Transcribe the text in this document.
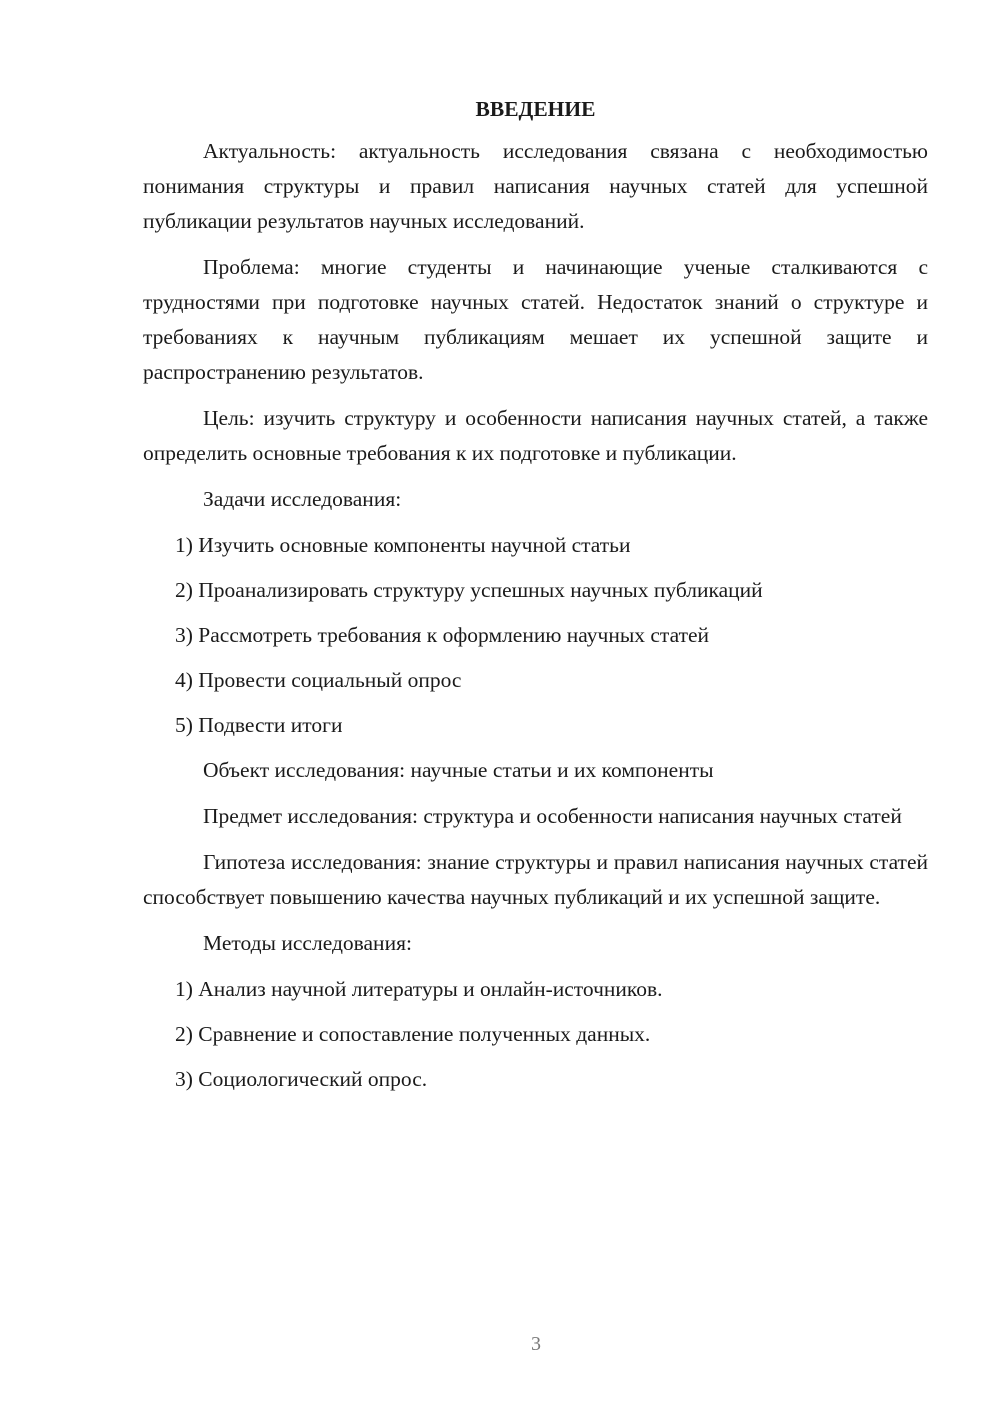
ВВЕДЕНИЕ

Актуальность: актуальность исследования связана с необходимостью понимания структуры и правил написания научных статей для успешной публикации результатов научных исследований.

Проблема: многие студенты и начинающие ученые сталкиваются с трудностями при подготовке научных статей. Недостаток знаний о структуре и требованиях к научным публикациям мешает их успешной защите и распространению результатов.

Цель: изучить структуру и особенности написания научных статей, а также определить основные требования к их подготовке и публикации.

Задачи исследования:

1) Изучить основные компоненты научной статьи
2) Проанализировать структуру успешных научных публикаций
3) Рассмотреть требования к оформлению научных статей
4) Провести социальный опрос
5) Подвести итоги

Объект исследования: научные статьи и их компоненты

Предмет исследования: структура и особенности написания научных статей

Гипотеза исследования: знание структуры и правил написания научных статей способствует повышению качества научных публикаций и их успешной защите.

Методы исследования:

1) Анализ научной литературы и онлайн-источников.
2) Сравнение и сопоставление полученных данных.
3) Социологический опрос.
3
